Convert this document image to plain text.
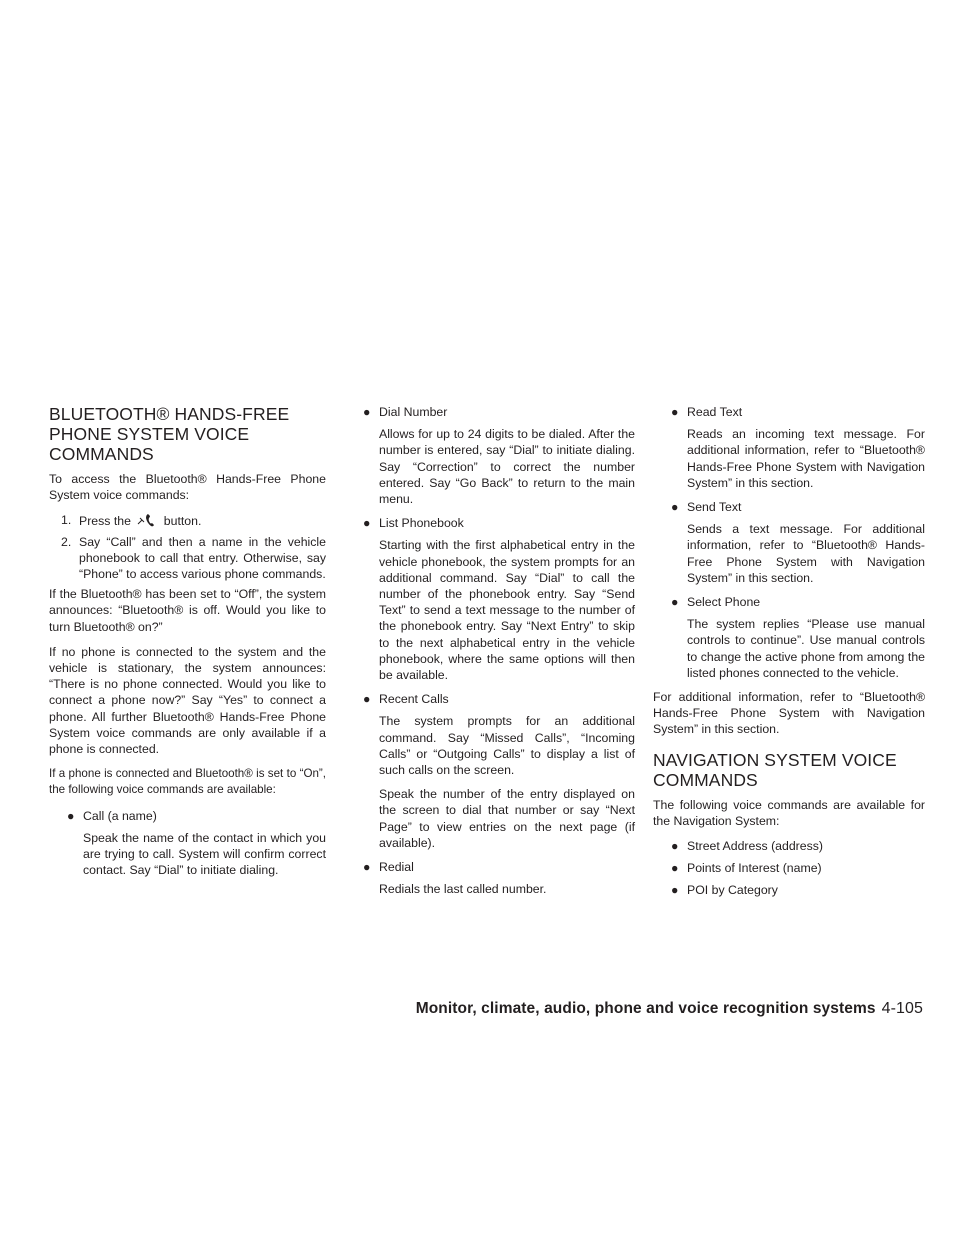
BLUETOOTH® HANDS-FREE PHONE SYSTEM VOICE COMMANDS
To access the Bluetooth® Hands-Free Phone System voice commands:
1. Press the	button.
2. Say “Call” and then a name in the vehicle phonebook to call that entry. Otherwise, say “Phone” to access various phone commands.
If the Bluetooth® has been set to “Off”, the system announces: “Bluetooth® is off. Would you like to turn Bluetooth® on?”
If no phone is connected to the system and the vehicle is stationary, the system announces: “There is no phone connected. Would you like to connect a phone now?” Say “Yes” to connect a phone. All further Bluetooth® Hands-Free Phone System voice commands are only available if a phone is connected.
If a phone is connected and Bluetooth® is set to “On”, the following voice commands are available:
● Call (a name)
Speak the name of the contact in which you are trying to call. System will confirm correct contact. Say “Dial” to initiate dialing.
● Dial Number
Allows for up to 24 digits to be dialed. After the number is entered, say “Dial” to initiate dialing. Say “Correction” to correct the number entered. Say “Go Back” to return to the main menu.
● List Phonebook
Starting with the first alphabetical entry in the vehicle phonebook, the system prompts for an additional command. Say “Dial” to call the number of the phonebook entry. Say “Send Text” to send a text message to the number of the phonebook entry. Say “Next Entry” to skip to the next alphabetical entry in the vehicle phonebook, where the same options will then be available.
● Recent Calls
The system prompts for an additional command. Say “Missed Calls”, “Incoming Calls” or “Outgoing Calls” to display a list of such calls on the screen.
Speak the number of the entry displayed on the screen to dial that number or say “Next Page” to view entries on the next page (if available).
● Redial
Redials the last called number.
● Read Text
Reads an incoming text message. For additional information, refer to “Bluetooth® Hands-Free Phone System with Navigation System” in this section.
● Send Text
Sends a text message. For additional information, refer to “Bluetooth® Hands-Free Phone System with Navigation System” in this section.
● Select Phone
The system replies “Please use manual controls to continue”. Use manual controls to change the active phone from among the listed phones connected to the vehicle.
For additional information, refer to “Bluetooth® Hands-Free Phone System with Navigation System” in this section.
NAVIGATION SYSTEM VOICE COMMANDS
The following voice commands are available for the Navigation System:
● Street Address (address)
● Points of Interest (name)
● POI by Category
Monitor, climate, audio, phone and voice recognition systems 4-105
